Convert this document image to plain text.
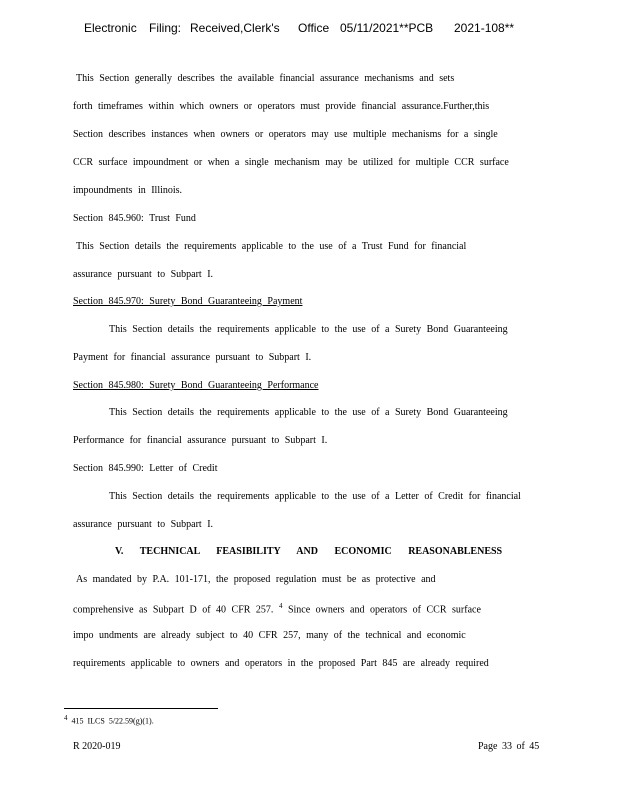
Electronic Filing: Received,Clerk's Office 05/11/2021**PCB 2021-108**
This Section generally describes the available financial assurance mechanisms and sets
forth timeframes within which owners or operators must provide financial assurance.Further,this
Section describes instances when owners or operators may use multiple mechanisms for a single
CCR surface impoundment or when a single mechanism may be utilized for multiple CCR surface
impoundments in Illinois.
Section 845.960: Trust Fund
This Section details the requirements applicable to the use of a Trust Fund for financial
assurance pursuant to Subpart I.
Section 845.970: Surety Bond Guaranteeing Payment
This Section details the requirements applicable to the use of a Surety Bond Guaranteeing
Payment for financial assurance pursuant to Subpart I.
Section 845.980: Surety Bond Guaranteeing Performance
This Section details the requirements applicable to the use of a Surety Bond Guaranteeing
Performance for financial assurance pursuant to Subpart I.
Section 845.990: Letter of Credit
This Section details the requirements applicable to the use of a Letter of Credit for financial
assurance pursuant to Subpart I.
V. TECHNICAL FEASIBILITY AND ECONOMIC REASONABLENESS
As mandated by P.A. 101-171, the proposed regulation must be as protective and
comprehensive as Subpart D of 40 CFR 257. $^4$ Since owners and operators of CCR surface
impo undments are already subject to 40 CFR 257, many of the technical and economic
requirements applicable to owners and operators in the proposed Part 845 are already required
4 415 ILCS 5/22.59(g)(1).
R 2020-019	Page 33 of 45
